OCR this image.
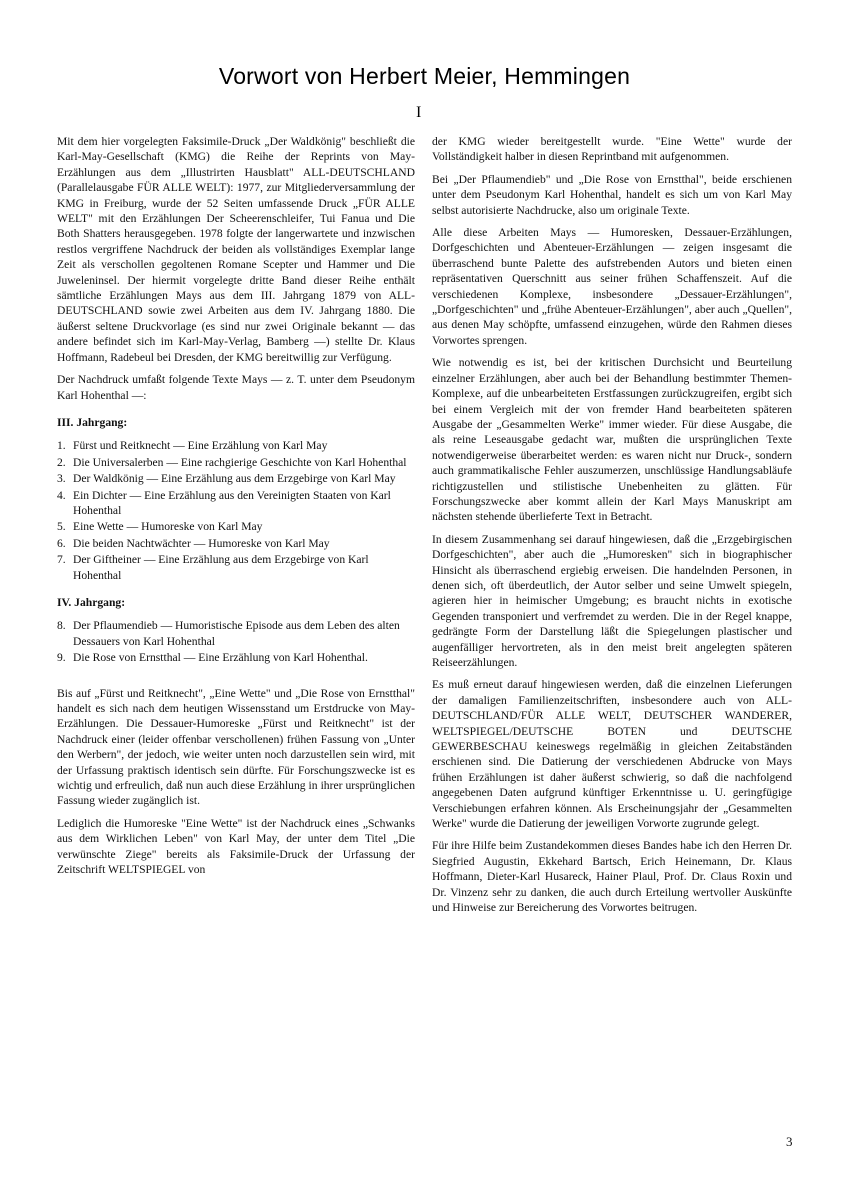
Vorwort von Herbert Meier, Hemmingen
I

Mit dem hier vorgelegten Faksimile-Druck „Der Waldkönig" beschließt die Karl-May-Gesellschaft (KMG) die Reihe der Reprints von May-Erzählungen aus dem „Illustrirten Hausblatt" ALL-DEUTSCHLAND (Parallelausgabe FÜR ALLE WELT): 1977, zur Mitgliederversammlung der KMG in Freiburg, wurde der 52 Seiten umfassende Druck „FÜR ALLE WELT" mit den Erzählungen Der Scheerenschleifer, Tui Fanua und Die Both Shatters herausgegeben. 1978 folgte der langerwartete und inzwischen restlos vergriffene Nachdruck der beiden als vollständiges Exemplar lange Zeit als verschollen gegoltenen Romane Scepter und Hammer und Die Juweleninsel. Der hiermit vorgelegte dritte Band dieser Reihe enthält sämtliche Erzählungen Mays aus dem III. Jahrgang 1879 von ALL-DEUTSCHLAND sowie zwei Arbeiten aus dem IV. Jahrgang 1880. Die äußerst seltene Druckvorlage (es sind nur zwei Originale bekannt — das andere befindet sich im Karl-May-Verlag, Bamberg —) stellte Dr. Klaus Hoffmann, Radebeul bei Dresden, der KMG bereitwillig zur Verfügung.

Der Nachdruck umfaßt folgende Texte Mays — z. T. unter dem Pseudonym Karl Hohenthal —:

III. Jahrgang:
1. Fürst und Reitknecht — Eine Erzählung von Karl May
2. Die Universalerben — Eine rachgierige Geschichte von Karl Hohenthal
3. Der Waldkönig — Eine Erzählung aus dem Erzgebirge von Karl May
4. Ein Dichter — Eine Erzählung aus den Vereinigten Staaten von Karl Hohenthal
5. Eine Wette — Humoreske von Karl May
6. Die beiden Nachtwächter — Humoreske von Karl May
7. Der Giftheiner — Eine Erzählung aus dem Erzgebirge von Karl Hohenthal
IV. Jahrgang:
8. Der Pflaumendieb — Humoristische Episode aus dem Leben des alten Dessauers von Karl Hohenthal
9. Die Rose von Ernstthal — Eine Erzählung von Karl Hohenthal.

Bis auf „Fürst und Reitknecht", „Eine Wette" und „Die Rose von Ernstthal" handelt es sich nach dem heutigen Wissensstand um Erstdrucke von May-Erzählungen. Die Dessauer-Humoreske „Fürst und Reitknecht" ist der Nachdruck einer (leider offenbar verschollenen) frühen Fassung von „Unter den Werbern", der jedoch, wie weiter unten noch darzustellen sein wird, mit der Urfassung praktisch identisch sein dürfte. Für Forschungszwecke ist es wichtig und erfreulich, daß nun auch diese Erzählung in ihrer ursprünglichen Fassung wieder zugänglich ist.

Lediglich die Humoreske "Eine Wette" ist der Nachdruck eines „Schwanks aus dem Wirklichen Leben" von Karl May, der unter dem Titel „Die verwünschte Ziege" bereits als Faksimile-Druck der Urfassung der Zeitschrift WELTSPIEGEL von

der KMG wieder bereitgestellt wurde. "Eine Wette" wurde der Vollständigkeit halber in diesen Reprintband mit aufgenommen.

Bei „Der Pflaumendieb" und „Die Rose von Ernstthal", beide erschienen unter dem Pseudonym Karl Hohenthal, handelt es sich um von Karl May selbst autorisierte Nachdrucke, also um originale Texte.

Alle diese Arbeiten Mays — Humoresken, Dessauer-Erzählungen, Dorfgeschichten und Abenteuer-Erzählungen — zeigen insgesamt die überraschend bunte Palette des aufstrebenden Autors und bieten einen repräsentativen Querschnitt aus seiner frühen Schaffenszeit. Auf die verschiedenen Komplexe, insbesondere „Dessauer-Erzählungen", „Dorfgeschichten" und „frühe Abenteuer-Erzählungen", aber auch „Quellen", aus denen May schöpfte, umfassend einzugehen, würde den Rahmen dieses Vorwortes sprengen.

Wie notwendig es ist, bei der kritischen Durchsicht und Beurteilung einzelner Erzählungen, aber auch bei der Behandlung bestimmter Themen-Komplexe, auf die unbearbeiteten Erstfassungen zurückzugreifen, ergibt sich bei einem Vergleich mit der von fremder Hand bearbeiteten späteren Ausgabe der „Gesammelten Werke" immer wieder. Für diese Ausgabe, die als reine Leseausgabe gedacht war, mußten die ursprünglichen Texte notwendigerweise überarbeitet werden: es waren nicht nur Druck-, sondern auch grammatikalische Fehler auszumerzen, unschlüssige Handlungsabläufe richtigzustellen und stilistische Unebenheiten zu glätten. Für Forschungszwecke aber kommt allein der Karl Mays Manuskript am nächsten stehende überlieferte Text in Betracht.

In diesem Zusammenhang sei darauf hingewiesen, daß die „Erzgebirgischen Dorfgeschichten", aber auch die „Humoresken" sich in biographischer Hinsicht als überraschend ergiebig erweisen. Die handelnden Personen, in denen sich, oft überdeutlich, der Autor selber und seine Umwelt spiegeln, agieren hier in heimischer Umgebung; es braucht nichts in exotische Gegenden transponiert und verfremdet zu werden. Die in der Regel knappe, gedrängte Form der Darstellung läßt die Spiegelungen plastischer und augenfälliger hervortreten, als in den meist breit angelegten späteren Reiseerzählungen.

Es muß erneut darauf hingewiesen werden, daß die einzelnen Lieferungen der damaligen Familienzeitschriften, insbesondere auch von ALL-DEUTSCHLAND/FÜR ALLE WELT, DEUTSCHER WANDERER, WELTSPIEGEL/DEUTSCHE BOTEN und DEUTSCHE GEWERBESCHAU keineswegs regelmäßig in gleichen Zeitabständen erschienen sind. Die Datierung der verschiedenen Abdrucke von Mays frühen Erzählungen ist daher äußerst schwierig, so daß die nachfolgend angegebenen Daten aufgrund künftiger Erkenntnisse u. U. geringfügige Verschiebungen erfahren können. Als Erscheinungsjahr der „Gesammelten Werke" wurde die Datierung der jeweiligen Vorworte zugrunde gelegt.

Für ihre Hilfe beim Zustandekommen dieses Bandes habe ich den Herren Dr. Siegfried Augustin, Ekkehard Bartsch, Erich Heinemann, Dr. Klaus Hoffmann, Dieter-Karl Husareck, Hainer Plaul, Prof. Dr. Claus Roxin und Dr. Vinzenz sehr zu danken, die auch durch Erteilung wertvoller Auskünfte und Hinweise zur Bereicherung des Vorwortes beitrugen.

3
